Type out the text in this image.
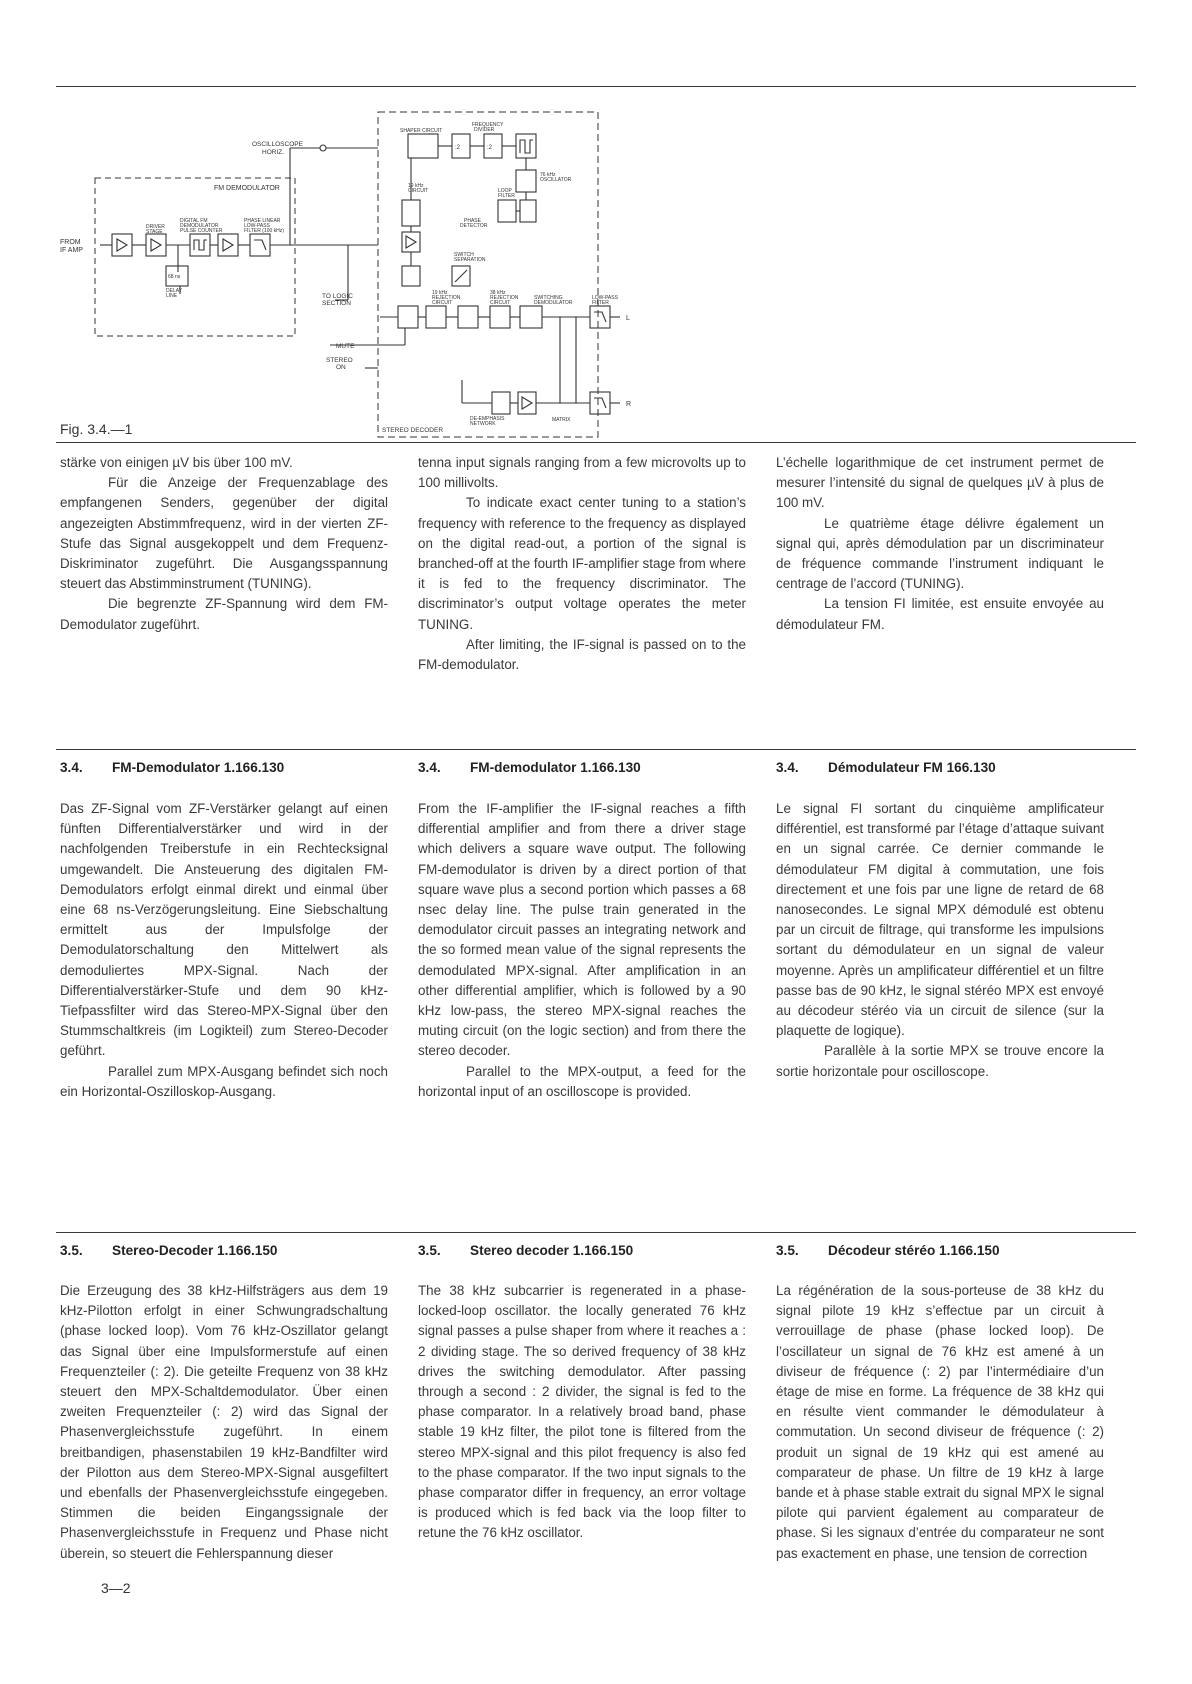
OSCILLOSCOPE
HORIZ.
FM DEMODULATOR
FROM
IF AMP
DRIVER
STAGE
DIGITAL FM
DEMODULATOR
PULSE COUNTER
PHASE LINEAR
LOW-PASS
FILTER (100 kHz)
68 ns
DELAY
LINE	TO LOGIC
SECTION
MUTE
STEREO
ON
STEREO DECODER
FREQUENCY
DIVIDER
SHAPER CIRCUIT
76 kHz
OSCILLATOR
19 kHz
CIRCUIT	LOOP
FILTER
PHASE
DETECTOR
SWITCH
SEPARATION
19 kHz
REJECTION
CIRCUIT
38 kHz
REJECTION
CIRCUIT
SWITCHING
DEMODULATOR
LOW-PASS
FILTER
DE-EMPHASIS
NETWORK
MATRIX
L
R
:2	:2
Fig. 3.4.—1

stärke von einigen µV bis über 100 mV.

Für die Anzeige der Frequenzablage des empfangenen Senders, gegenüber der digital angezeigten Abstimmfrequenz, wird in der vierten ZF-Stufe das Signal ausgekoppelt und dem Frequenz-Diskriminator zugeführt. Die Ausgangsspannung steuert das Abstimminstrument (TUNING).

Die begrenzte ZF-Spannung wird dem FM-Demodulator zugeführt.

tenna input signals ranging from a few microvolts up to 100 millivolts.

To indicate exact center tuning to a station’s frequency with reference to the frequency as displayed on the digital read-out, a portion of the signal is branched-off at the fourth IF-amplifier stage from where it is fed to the frequency discriminator. The discriminator’s output voltage operates the meter TUNING.

After limiting, the IF-signal is passed on to the FM-demodulator.

L’échelle logarithmique de cet instrument permet de mesurer l’intensité du signal de quelques µV à plus de 100 mV.

Le quatrième étage délivre également un signal qui, après démodulation par un discriminateur de fréquence commande l’instrument indiquant le centrage de l’accord (TUNING).

La tension FI limitée, est ensuite envoyée au démodulateur FM.

3.4. FM-Demodulator 1.166.130	3.4. FM-demodulator 1.166.130	3.4. Démodulateur FM 166.130

Das ZF-Signal vom ZF-Verstärker gelangt auf einen fünften Differentialverstärker und wird in der nachfolgenden Treiberstufe in ein Rechtecksignal umgewandelt. Die Ansteuerung des digitalen FM-Demodulators erfolgt einmal direkt und einmal über eine 68 ns-Verzögerungsleitung. Eine Siebschaltung ermittelt aus der Impulsfolge der Demodulatorschaltung den Mittelwert als demoduliertes MPX-Signal. Nach der Differentialverstärker-Stufe und dem 90 kHz-Tiefpassfilter wird das Stereo-MPX-Signal über den Stummschaltkreis (im Logikteil) zum Stereo-Decoder geführt.

Parallel zum MPX-Ausgang befindet sich noch ein Horizontal-Oszilloskop-Ausgang.

From the IF-amplifier the IF-signal reaches a fifth differential amplifier and from there a driver stage which delivers a square wave output. The following FM-demodulator is driven by a direct portion of that square wave plus a second portion which passes a 68 nsec delay line. The pulse train generated in the demodulator circuit passes an integrating network and the so formed mean value of the signal represents the demodulated MPX-signal. After amplification in an other differential amplifier, which is followed by a 90 kHz low-pass, the stereo MPX-signal reaches the muting circuit (on the logic section) and from there the stereo decoder.

Parallel to the MPX-output, a feed for the horizontal input of an oscilloscope is provided.

Le signal FI sortant du cinquième amplificateur différentiel, est transformé par l’étage d’attaque suivant en un signal carrée. Ce dernier commande le démodulateur FM digital à commutation, une fois directement et une fois par une ligne de retard de 68 nanosecondes. Le signal MPX démodulé est obtenu par un circuit de filtrage, qui transforme les impulsions sortant du démodulateur en un signal de valeur moyenne. Après un amplificateur différentiel et un filtre passe bas de 90 kHz, le signal stéréo MPX est envoyé au décodeur stéréo via un circuit de silence (sur la plaquette de logique).

Parallèle à la sortie MPX se trouve encore la sortie horizontale pour oscilloscope.

3.5. Stereo-Decoder 1.166.150	3.5. Stereo decoder 1.166.150	3.5. Décodeur stéréo 1.166.150

Die Erzeugung des 38 kHz-Hilfsträgers aus dem 19 kHz-Pilotton erfolgt in einer Schwungradschaltung (phase locked loop). Vom 76 kHz-Oszillator gelangt das Signal über eine Impulsformerstufe auf einen Frequenzteiler (: 2). Die geteilte Frequenz von 38 kHz steuert den MPX-Schaltdemodulator. Über einen zweiten Frequenzteiler (: 2) wird das Signal der Phasenvergleichsstufe zugeführt. In einem breitbandigen, phasenstabilen 19 kHz-Bandfilter wird der Pilotton aus dem Stereo-MPX-Signal ausgefiltert und ebenfalls der Phasenvergleichsstufe eingegeben. Stimmen die beiden Eingangssignale der Phasenvergleichsstufe in Frequenz und Phase nicht überein, so steuert die Fehlerspannung dieser

The 38 kHz subcarrier is regenerated in a phase-locked-loop oscillator. the locally generated 76 kHz signal passes a pulse shaper from where it reaches a : 2 dividing stage. The so derived frequency of 38 kHz drives the switching demodulator. After passing through a second : 2 divider, the signal is fed to the phase comparator. In a relatively broad band, phase stable 19 kHz filter, the pilot tone is filtered from the stereo MPX-signal and this pilot frequency is also fed to the phase comparator. If the two input signals to the phase comparator differ in frequency, an error voltage is produced which is fed back via the loop filter to retune the 76 kHz oscillator.

La régénération de la sous-porteuse de 38 kHz du signal pilote 19 kHz s’effectue par un circuit à verrouillage de phase (phase locked loop). De l’oscillateur un signal de 76 kHz est amené à un diviseur de fréquence (: 2) par l’intermédiaire d’un étage de mise en forme. La fréquence de 38 kHz qui en résulte vient commander le démodulateur à commutation. Un second diviseur de fréquence (: 2) produit un signal de 19 kHz qui est amené au comparateur de phase. Un filtre de 19 kHz à large bande et à phase stable extrait du signal MPX le signal pilote qui parvient également au comparateur de phase. Si les signaux d’entrée du comparateur ne sont pas exactement en phase, une tension de correction

3—2
